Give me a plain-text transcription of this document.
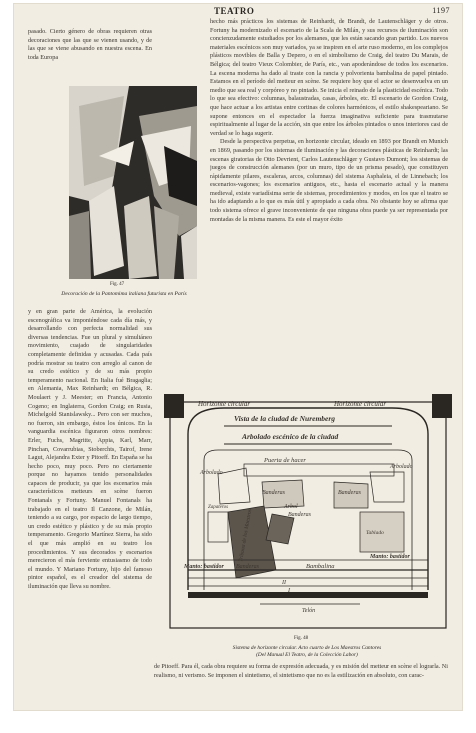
TEATRO	1197

pasado. Cierto género de obras requieren otras decoraciones que las que se vienen usando, y de las que se viene abusando en nuestra escena. En toda Europa

hecho más prácticos los sistemas de Reinhardt, de Brandt, de Lautenschläger y de otros. Fortuny ha modernizado el escenario de la Scala de Milán, y sus recursos de iluminación son concienzudamente estudiados por los alemanes, que les están sacando gran partido. Los nuevos materiales escénicos son muy variados, ya se inspiren en el arte ruso moderno, en los complejos plásticos movibles de Balla y Depero, o en el simbolismo de Craig, del teatro Du Marais, de Bélgica; del teatro Vieux Colombier, de París, etc., van apoderándose de todos los escenarios. La escena moderna ha dado al traste con la rancia y polvorienta bambalina de papel pintado. Estamos en el período del metteur en scène. Se requiere hoy que el actor se desenvuelva en un medio que sea real y corpóreo y no pintado. Se inicia el reinado de la plasticidad escénica. Todo lo que sea efectivo: columnas, balaustradas, casas, árboles, etc. El escenario de Gordon Craig, que hace actuar a los artistas entre cortinas de colores harmónicos, el estilo shakespeariano. Se supone entonces en el espectador la fuerza imaginativa suficiente para trasmutarse espiritualmente al lugar de la acción, sin que entre los árboles pintados o unos interiores casi de verdad se lo haga sugerir.

Desde la perspectiva perpetua, en horizonte circular, ideado en 1893 por Brandt en Munich en 1869, pasando por los sistemas de iluminación y las decoraciones plásticas de Reinhardt; las escenas giratorias de Otto Devrient, Carlos Lautenschläger y Gustavo Dumont; los sistemas de juegos de construcción alemanes (por un muro, tipo de un prisma pesado), que constituyen rápidamente pilares, escaleras, arcos, columnas) del sistema Asphaleia, el de Linnebach; los escenarios-vagones; los escenarios antiguos, etc., hasta el escenario actual y la manera medieval, existe variadísima serie de sistemas, procedimientos y modos, en los que el teatro se ha ido adaptando a lo que es más útil y apropiado a cada obra. No obstante hoy se afirma que todo sistema ofrece el grave inconveniente de que ninguna obra puede ya ser representada por montadas de la misma manera. Es este el mayor éxito

Fig. 47
Decoración de la Pantomima italiana futurista en París

y en gran parte de América, la evolución escenográfica va imponiéndose cada día más, y desarrollando con perfecta normalidad sus diversas tendencias. Fue un plural y simultáneo movimiento, cuajado de singularidades completamente definidas y acusadas. Cada país podría mostrar su teatro con arreglo al canon de su credo estético y de su más propio temperamento nacional. En Italia fué Bragaglia; en Alemania, Max Reinhardt; en Bélgica, R. Moulaert y J. Meester; en Francia, Antonio Cogeno; en Inglaterra, Gordon Craig; en Rusia, Michelgold Stanislawsky... Pero con ser muchos, no fueron, sin embargo, éstos los únicos. En la vanguardia escénica figuraron otros nombres: Erler, Fuchs, Magritte, Appia, Karl, Marr, Pinchan, Covarrubias, Stoberchts, Tairof, Irene Lagut, Alejandra Exter y Pitoeff. En España se ha hecho poco, muy poco. Pero no ciertamente porque no hayamos tenido personalidades capaces de producir, ya que los escenarios más característicos metteurs en scène fueron Fontanals y Fortuny. Manuel Fontanals ha trabajado en el teatro Il Canzone, de Milán, teniendo a su cargo, por espacio de largo tiempo, un credo estético y plástico y de su más propio temperamento. Gregorio Martínez Sierra, ha sido el que más amplió en su teatro los procedimientos. Y sus decorados y escenarios merecieron el más ferviente entusiasmo de todo el mundo. Y Mariano Fortuny, hijo del famoso pintor español, es el creador del sistema de iluminación que lleva su nombre.

Horizonte circular	Horizonte circular
Vista de la ciudad de Nuremberg
Arbolado escénico de la ciudad
Puerta de hacer
Arbolado
Arbolado
Banderas	Banderas
Arbol
Banderas
Tribuna de los Maestros
Zapateros
Tablado
Manto: bastidor
Manto: bastidor
Banderas	Bambalina
II
I
Telón
Fig. 48
Sistema de horizonte circular. Acto cuarto de Los Maestros Cantores
(Del Manual El Teatro, de la Colección Labor)

de Pitoeff. Para él, cada obra requiere su forma de expresión adecuada, y es misión del metteur en scène el lograrla. Ni realismo, ni verismo. Se imponen el sintetismo, el sintetismo que no es la estilización en absoluto, con carac-
